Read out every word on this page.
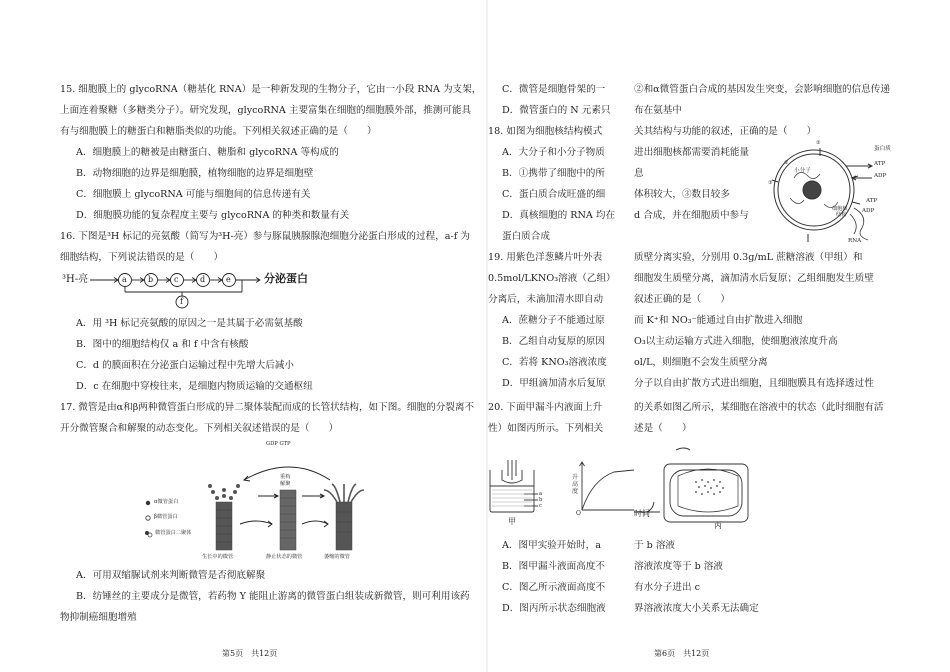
15. 细胞膜上的 glycoRNA（糖基化 RNA）是一种新发现的生物分子，它由一小段 RNA 为支架，
上面连着聚糖（多糖类分子）。研究发现，glycoRNA 主要富集在细胞的细胞膜外部，推测可能具
有与细胞膜上的糖蛋白和糖脂类似的功能。下列相关叙述正确的是（　　）
A．细胞膜上的糖被是由糖蛋白、糖脂和 glycoRNA 等构成的
B．动物细胞的边界是细胞膜，植物细胞的边界是细胞壁
C．细胞膜上 glycoRNA 可能与细胞间的信息传递有关
D．细胞膜功能的复杂程度主要与 glycoRNA 的种类和数量有关
16. 下图是³H 标记的亮氨酸（简写为³H-亮）参与豚鼠胰腺腺泡细胞分泌蛋白形成的过程，a-f 为
细胞结构，下列说法错误的是（　　）
³H-亮	a	b	c	d	e
f
分泌蛋白
A．用 ³H 标记亮氨酸的原因之一是其属于必需氨基酸
B．图中的细胞结构仅 a 和 f 中含有核酸
C．d 的膜面积在分泌蛋白运输过程中先增大后减小
D．c 在细胞中穿梭往来，是细胞内物质运输的交通枢纽
17. 微管是由α和β两种微管蛋白形成的异二聚体装配而成的长管状结构，如下图。细胞的分裂离不
开分微管聚合和解聚的动态变化。下列相关叙述错误的是（　　）
GDP GTP
α微管蛋白
β微管蛋白
微管蛋白二聚体
重构
解聚
生长中的微管	静止状态的微管	萎缩的微管
A．可用双缩脲试剂来判断微管是否彻底解聚
B．纺锤丝的主要成分是微管，若药物 Y 能阻止游离的微管蛋白组装成新微管，则可利用该药
物抑制癌细胞增殖
第5页　共12页
C．微管是细胞骨架的一
D．微管蛋白的 N 元素只
18. 如图为细胞核结构模式
A．大分子和小分子物质
B．①携带了细胞中的所
C．蛋白质合成旺盛的细
D．真核细胞的 RNA 均在
蛋白质合成
19. 用紫色洋葱鳞片叶外表
0.5mol/LKNO₃溶液（乙组）
分离后，未滴加清水即自动
A．蔗糖分子不能通过原
B．乙组自动复原的原因
C．若将 KNO₃溶液浓度
D．甲组滴加清水后复原
20. 下面甲漏斗内液面上升
性）如图丙所示。下列相关
a
b
c
甲
升高度
O
A．图甲实验开始时，a
B．图甲漏斗液面高度不
C．图乙所示液面高度不
D．图丙所示状态细胞液
②和α微管蛋白合成的基因发生突变，会影响细胞的信息传递
布在氨基中
关其结构与功能的叙述，正确的是（　　）
进出细胞核都需要消耗能量
息
体积较大，③数目较多
d 合成，并在细胞质中参与
蛋白质
ATP
ADP
ATP
ADP
②
①
③
小分子
细胞核
结构
RNA
质壁分离实验，分别用 0.3g/mL 蔗糖溶液（甲组）和
细胞发生质壁分离，滴加清水后复原；乙组细胞发生质壁
叙述正确的是（　　）
而 K⁺和 NO₃⁻能通过自由扩散进入细胞
O₃以主动运输方式进入细胞，使细胞液浓度升高
ol/L，则细胞不会发生质壁分离
分子以自由扩散方式进出细胞，且细胞膜具有选择透过性
的关系如图乙所示，某细胞在溶液中的状态（此时细胞有活
述是（　　）
时间
丙
于 b 溶液
溶液浓度等于 b 溶液
有水分子进出 c
界溶液浓度大小关系无法确定
第6页　共12页
